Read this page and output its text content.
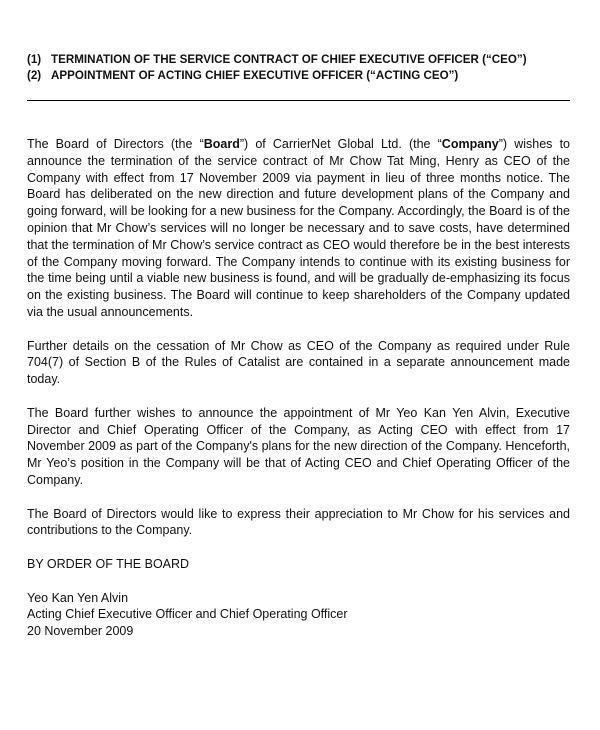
(1) TERMINATION OF THE SERVICE CONTRACT OF CHIEF EXECUTIVE OFFICER (“CEO”)
(2) APPOINTMENT OF ACTING CHIEF EXECUTIVE OFFICER (“ACTING CEO”)

The Board of Directors (the “Board”) of CarrierNet Global Ltd. (the “Company”) wishes to announce the termination of the service contract of Mr Chow Tat Ming, Henry as CEO of the Company with effect from 17 November 2009 via payment in lieu of three months notice. The Board has deliberated on the new direction and future development plans of the Company and going forward, will be looking for a new business for the Company. Accordingly, the Board is of the opinion that Mr Chow’s services will no longer be necessary and to save costs, have determined that the termination of Mr Chow’s service contract as CEO would therefore be in the best interests of the Company moving forward. The Company intends to continue with its existing business for the time being until a viable new business is found, and will be gradually de-emphasizing its focus on the existing business. The Board will continue to keep shareholders of the Company updated via the usual announcements.

Further details on the cessation of Mr Chow as CEO of the Company as required under Rule 704(7) of Section B of the Rules of Catalist are contained in a separate announcement made today.

The Board further wishes to announce the appointment of Mr Yeo Kan Yen Alvin, Executive Director and Chief Operating Officer of the Company, as Acting CEO with effect from 17 November 2009 as part of the Company's plans for the new direction of the Company. Henceforth, Mr Yeo’s position in the Company will be that of Acting CEO and Chief Operating Officer of the Company.

The Board of Directors would like to express their appreciation to Mr Chow for his services and contributions to the Company.

BY ORDER OF THE BOARD

Yeo Kan Yen Alvin
Acting Chief Executive Officer and Chief Operating Officer
20 November 2009
